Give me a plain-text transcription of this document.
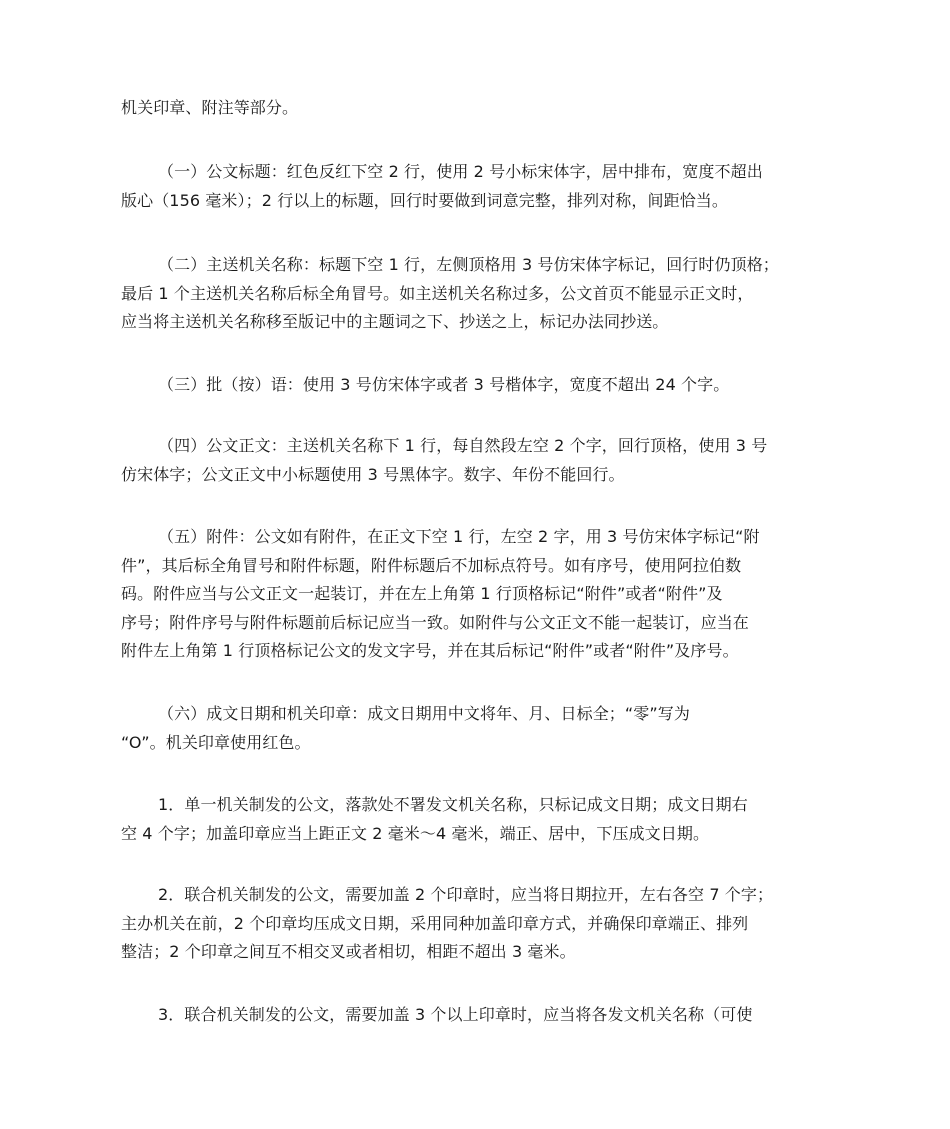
机关印章、附注等部分。
（一）公文标题：红色反红下空 2 行，使用 2 号小标宋体字，居中排布，宽度不超出
版心（156 毫米）；2 行以上的标题，回行时要做到词意完整，排列对称，间距恰当。
（二）主送机关名称：标题下空 1 行，左侧顶格用 3 号仿宋体字标记，回行时仍顶格；
最后 1 个主送机关名称后标全角冒号。如主送机关名称过多，公文首页不能显示正文时，
应当将主送机关名称移至版记中的主题词之下、抄送之上，标记办法同抄送。
（三）批（按）语：使用 3 号仿宋体字或者 3 号楷体字，宽度不超出 24 个字。
（四）公文正文：主送机关名称下 1 行，每自然段左空 2 个字，回行顶格，使用 3 号
仿宋体字；公文正文中小标题使用 3 号黑体字。数字、年份不能回行。
（五）附件：公文如有附件，在正文下空 1 行，左空 2 字，用 3 号仿宋体字标记“附
件”，其后标全角冒号和附件标题，附件标题后不加标点符号。如有序号，使用阿拉伯数
码。附件应当与公文正文一起装订，并在左上角第 1 行顶格标记“附件”或者“附件”及
序号；附件序号与附件标题前后标记应当一致。如附件与公文正文不能一起装订，应当在
附件左上角第 1 行顶格标记公文的发文字号，并在其后标记“附件”或者“附件”及序号。
（六）成文日期和机关印章：成文日期用中文将年、月、日标全；“零”写为
“O”。机关印章使用红色。
1．单一机关制发的公文，落款处不署发文机关名称，只标记成文日期；成文日期右
空 4 个字；加盖印章应当上距正文 2 毫米～4 毫米，端正、居中，下压成文日期。
2．联合机关制发的公文，需要加盖 2 个印章时，应当将日期拉开，左右各空 7 个字；
主办机关在前，2 个印章均压成文日期，采用同种加盖印章方式，并确保印章端正、排列
整洁；2 个印章之间互不相交叉或者相切，相距不超出 3 毫米。
3．联合机关制发的公文，需要加盖 3 个以上印章时，应当将各发文机关名称（可使
